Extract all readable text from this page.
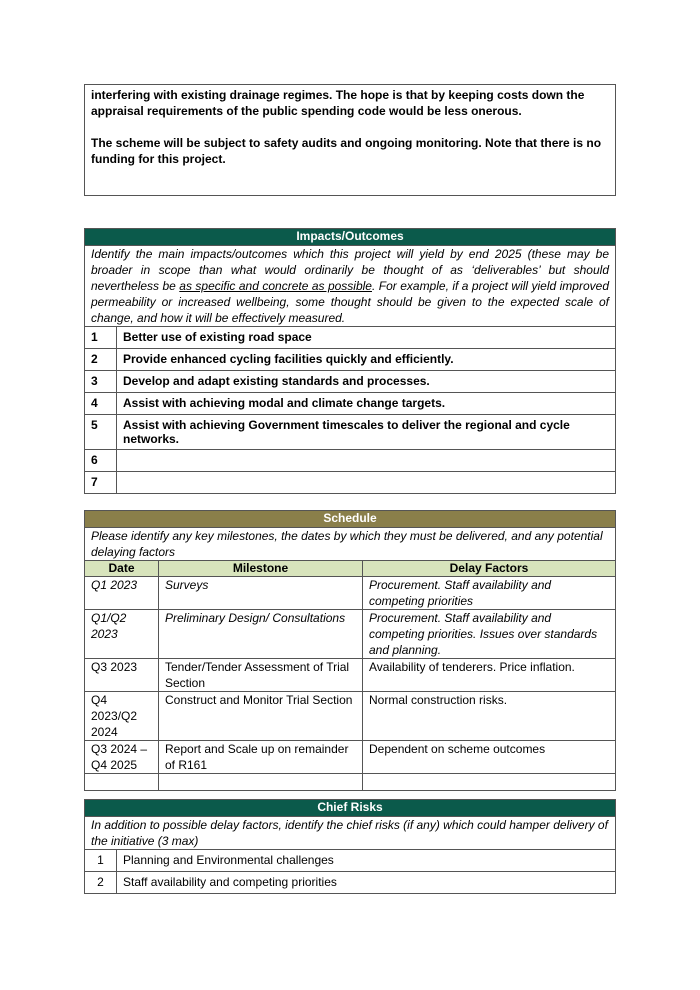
interfering with existing drainage regimes. The hope is that by keeping costs down the appraisal requirements of the public spending code would be less onerous.

The scheme will be subject to safety audits and ongoing monitoring. Note that there is no funding for this project.

Impacts/Outcomes	
Identify the main impacts/outcomes which this project will yield by end 2025 (these may be broader in scope than what would ordinarily be thought of as ‘deliverables’ but should nevertheless be as specific and concrete as possible. For example, if a project will yield improved permeability or increased wellbeing, some thought should be given to the expected scale of change, and how it will be effectively measured.	
1	Better use of existing road space
2	Provide enhanced cycling facilities quickly and efficiently.
3	Develop and adapt existing standards and processes.
4	Assist with achieving modal and climate change targets.
5	Assist with achieving Government timescales to deliver the regional and cycle networks.
6	
7	
Schedule		
Please identify any key milestones, the dates by which they must be delivered, and any potential delaying factors		
Date	Milestone	Delay Factors
Q1 2023	Surveys	Procurement. Staff availability and competing priorities
Q1/Q2 2023	Preliminary Design/ Consultations	Procurement. Staff availability and competing priorities. Issues over standards and planning.
Q3 2023	Tender/Tender Assessment of Trial Section	Availability of tenderers. Price inflation.
Q4 2023/Q2 2024	Construct and Monitor Trial Section	Normal construction risks.
Q3 2024 – Q4 2025	Report and Scale up on remainder of R161	Dependent on scheme outcomes

Chief Risks	
In addition to possible delay factors, identify the chief risks (if any) which could hamper delivery of the initiative (3 max)	
1	Planning and Environmental challenges
2	Staff availability and competing priorities
